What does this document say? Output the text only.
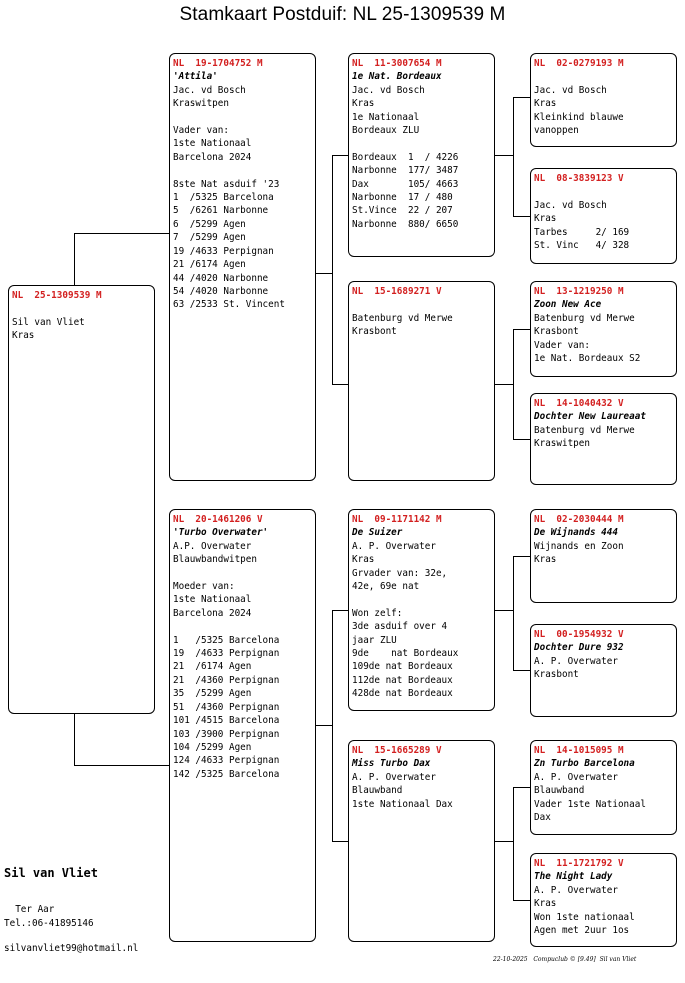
Stamkaart Postduif: NL 25-1309539 M
NL  25-1309539 M

Sil van Vliet
Kras
NL  19-1704752 M
'Attila'
Jac. vd Bosch
Kraswitpen

Vader van:
1ste Nationaal
Barcelona 2024

8ste Nat asduif '23
1  /5325 Barcelona
5  /6261 Narbonne
6  /5299 Agen
7  /5299 Agen
19 /4633 Perpignan
21 /6174 Agen
44 /4020 Narbonne
54 /4020 Narbonne
63 /2533 St. Vincent
NL  20-1461206 V
'Turbo Overwater'
A.P. Overwater
Blauwbandwitpen

Moeder van:
1ste Nationaal
Barcelona 2024

1   /5325 Barcelona
19  /4633 Perpignan
21  /6174 Agen
21  /4360 Perpignan
35  /5299 Agen
51  /4360 Perpignan
101 /4515 Barcelona
103 /3900 Perpignan
104 /5299 Agen
124 /4633 Perpignan
142 /5325 Barcelona
NL  11-3007654 M
1e Nat. Bordeaux
Jac. vd Bosch
Kras
1e Nationaal
Bordeaux ZLU

Bordeaux  1  / 4226
Narbonne  177/ 3487
Dax       105/ 4663
Narbonne  17 / 480
St.Vince  22 / 207
Narbonne  880/ 6650
NL  15-1689271 V

Batenburg vd Merwe
Krasbont
NL  09-1171142 M
De Suizer
A. P. Overwater
Kras
Grvader van: 32e,
42e, 69e nat

Won zelf:
3de asduif over 4
jaar ZLU
9de    nat Bordeaux
109de nat Bordeaux
112de nat Bordeaux
428de nat Bordeaux
NL  15-1665289 V
Miss Turbo Dax
A. P. Overwater
Blauwband
1ste Nationaal Dax
NL  02-0279193 M

Jac. vd Bosch
Kras
Kleinkind blauwe
vanoppen
NL  08-3839123 V

Jac. vd Bosch
Kras
Tarbes     2/ 169
St. Vinc   4/ 328
NL  13-1219250 M
Zoon New Ace
Batenburg vd Merwe
Krasbont
Vader van:
1e Nat. Bordeaux S2
NL  14-1040432 V
Dochter New Laureaat
Batenburg vd Merwe
Kraswitpen
NL  02-2030444 M
De Wijnands 444
Wijnands en Zoon
Kras
NL  00-1954932 V
Dochter Dure 932
A. P. Overwater
Krasbont
NL  14-1015095 M
Zn Turbo Barcelona
A. P. Overwater
Blauwband
Vader 1ste Nationaal
Dax
NL  11-1721792 V
The Night Lady
A. P. Overwater
Kras
Won 1ste nationaal
Agen met 2uur 1os
Sil van Vliet
Ter Aar
Tel.:06-41895146
silvanvliet99@hotmail.nl
22-10-2025   Compuclub © [9.49]  Sil van Vliet
